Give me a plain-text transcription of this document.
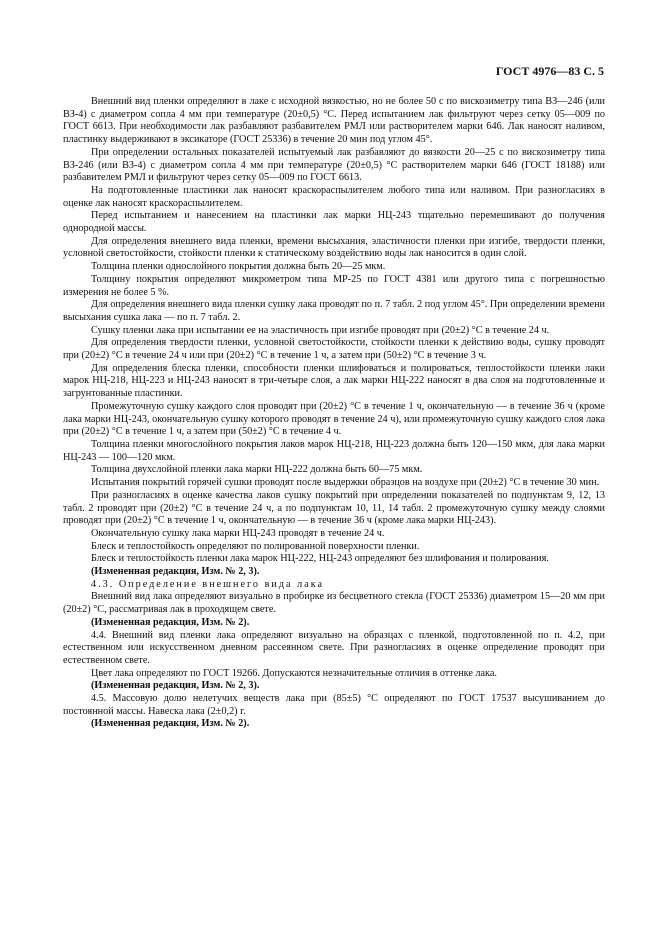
ГОСТ 4976—83 С. 5

Внешний вид пленки определяют в лаке с исходной вязкостью, но не более 50 с по вискозиметру типа ВЗ—246 (или ВЗ-4) с диаметром сопла 4 мм при температуре (20±0,5) °С. Перед испытанием лак фильтруют через сетку 05—009 по ГОСТ 6613. При необходимости лак разбавляют разбавителем РМЛ или растворителем марки 646. Лак наносят наливом, пластинку выдерживают в эксикаторе (ГОСТ 25336) в течение 20 мин под углом 45°.

При определении остальных показателей испытуемый лак разбавляют до вязкости 20—25 с по вискозиметру типа ВЗ-246 (или ВЗ-4) с диаметром сопла 4 мм при температуре (20±0,5) °С растворителем марки 646 (ГОСТ 18188) или разбавителем РМЛ и фильтруют через сетку 05—009 по ГОСТ 6613.

На подготовленные пластинки лак наносят краскораспылителем любого типа или наливом. При разногласиях в оценке лак наносят краскораспылителем.

Перед испытанием и нанесением на пластинки лак марки НЦ-243 тщательно перемешивают до получения однородной массы.

Для определения внешнего вида пленки, времени высыхания, эластичности пленки при изгибе, твердости пленки, условной светостойкости, стойкости пленки к статическому воздействию воды лак наносится в один слой.

Толщина пленки однослойного покрытия должна быть 20—25 мкм.

Толщину покрытия определяют микрометром типа МР-25 по ГОСТ 4381 или другого типа с погрешностью измерения не более 5 %.

Для определения внешнего вида пленки сушку лака проводят по п. 7 табл. 2 под углом 45°. При определении времени высыхания сушка лака — по п. 7 табл. 2.

Сушку пленки лака при испытании ее на эластичность при изгибе проводят при (20±2) °С в течение 24 ч.

Для определения твердости пленки, условной светостойкости, стойкости пленки к действию воды, сушку проводят при (20±2) °С в течение 24 ч или при (20±2) °С в течение 1 ч, а затем при (50±2) °С в течение 3 ч.

Для определения блеска пленки, способности пленки шлифоваться и полироваться, теплостойкости пленки лаки марок НЦ-218, НЦ-223 и НЦ-243 наносят в три-четыре слоя, а лак марки НЦ-222 наносят в два слоя на подготовленные и загрунтованные пластинки.

Промежуточную сушку каждого слоя проводят при (20±2) °С в течение 1 ч, окончательную — в течение 36 ч (кроме лака марки НЦ-243, окончательную сушку которого проводят в течение 24 ч), или промежуточную сушку каждого слоя лака при (20±2) °С в течение 1 ч, а затем при (50±2) °С в течение 4 ч.

Толщина пленки многослойного покрытия лаков марок НЦ-218, НЦ-223 должна быть 120—150 мкм, для лака марки НЦ-243 — 100—120 мкм.

Толщина двухслойной пленки лака марки НЦ-222 должна быть 60—75 мкм.

Испытания покрытий горячей сушки проводят после выдержки образцов на воздухе при (20±2) °С в течение 30 мин.

При разногласиях в оценке качества лаков сушку покрытий при определении показателей по подпунктам 9, 12, 13 табл. 2 проводят при (20±2) °С в течение 24 ч, а по подпунктам 10, 11, 14 табл. 2 промежуточную сушку между слоями проводят при (20±2) °С в течение 1 ч, окончательную — в течение 36 ч (кроме лака марки НЦ-243).

Окончательную сушку лака марки НЦ-243 проводят в течение 24 ч.

Блеск и теплостойкость определяют по полированной поверхности пленки.

Блеск и теплостойкость пленки лака марок НЦ-222, НЦ-243 определяют без шлифования и полирования.

(Измененная редакция, Изм. № 2, 3).

4.3. Определение внешнего вида лака

Внешний вид лака определяют визуально в пробирке из бесцветного стекла (ГОСТ 25336) диаметром 15—20 мм при (20±2) °С, рассматривая лак в проходящем свете.

(Измененная редакция, Изм. № 2).

4.4. Внешний вид пленки лака определяют визуально на образцах с пленкой, подготовленной по п. 4.2, при естественном или искусственном дневном рассеянном свете. При разногласиях в оценке определение проводят при естественном свете.

Цвет лака определяют по ГОСТ 19266. Допускаются незначительные отличия в оттенке лака.

(Измененная редакция, Изм. № 2, 3).

4.5. Массовую долю нелетучих веществ лака при (85±5) °С определяют по ГОСТ 17537 высушиванием до постоянной массы. Навеска лака (2±0,2) г.

(Измененная редакция, Изм. № 2).
